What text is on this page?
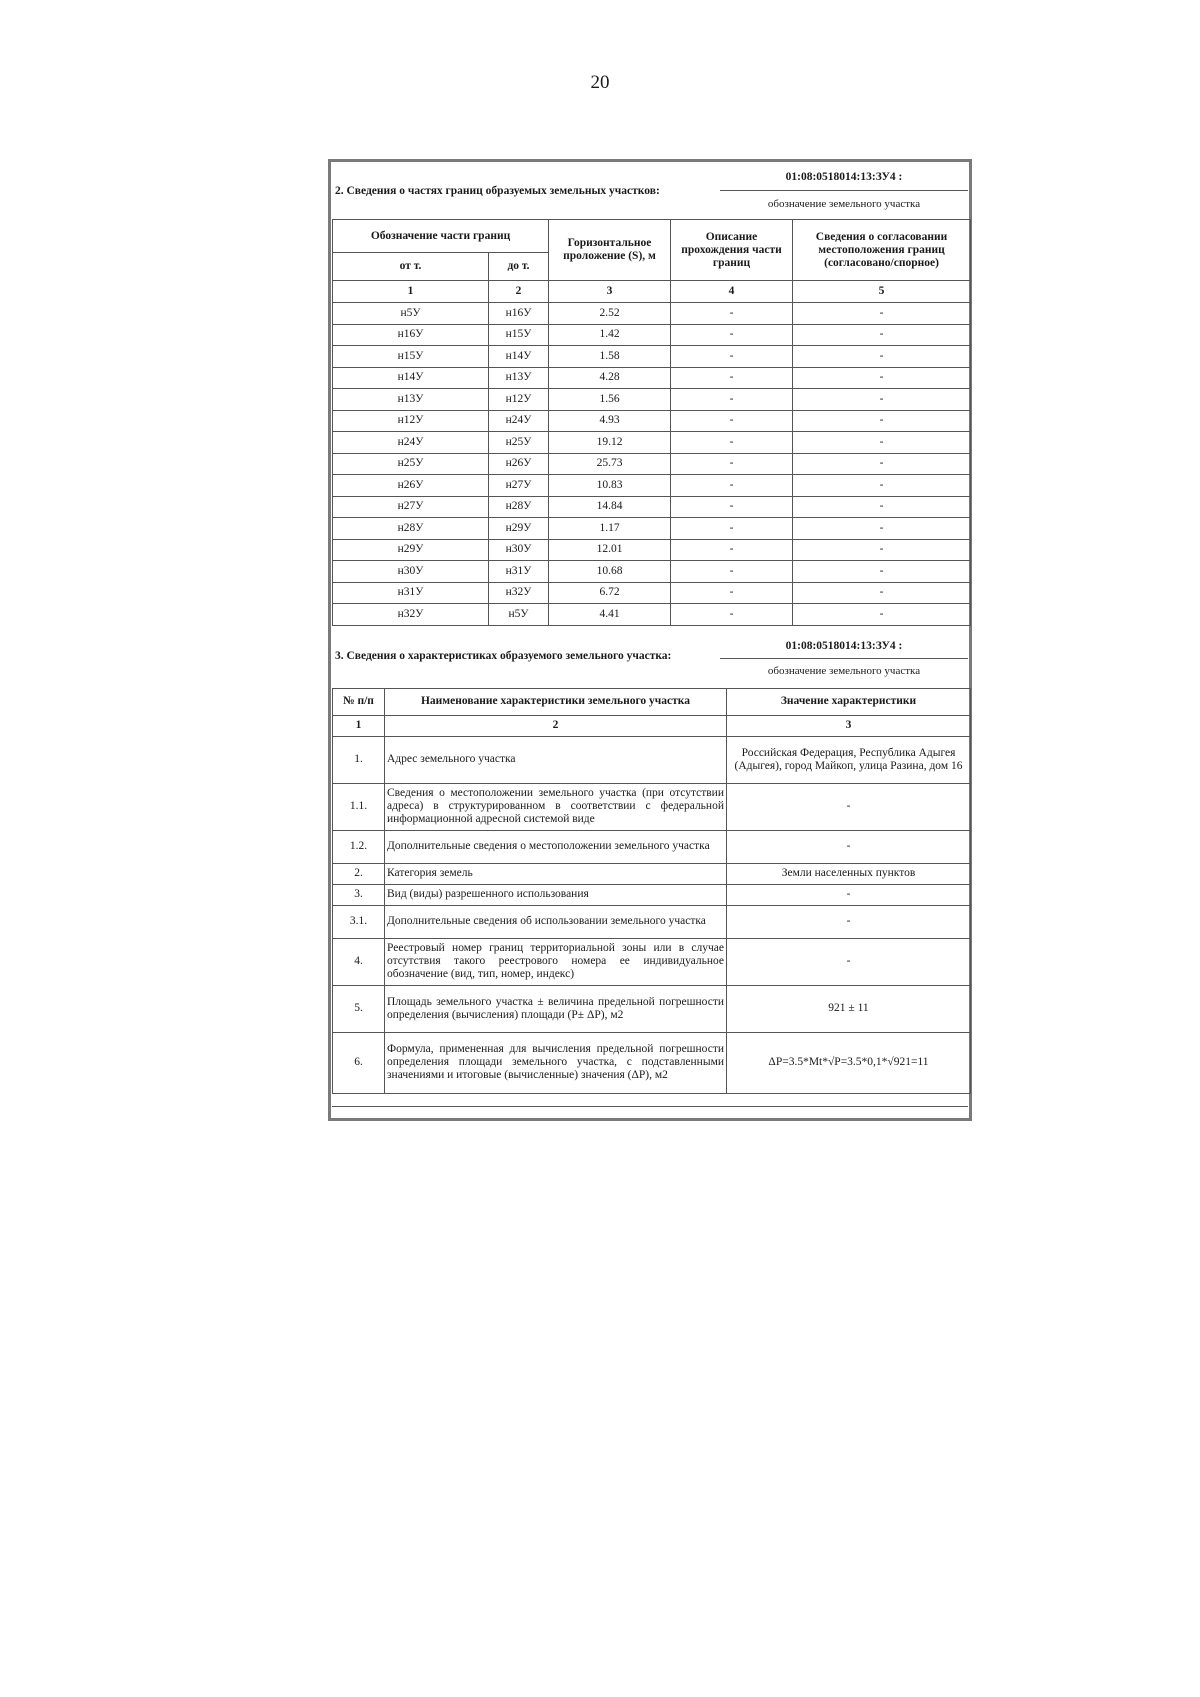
20
2. Сведения о частях границ образуемых земельных участков:
01:08:0518014:13:ЗУ4 :
обозначение земельного участка
Обозначение части границ		Горизонтальное проложение (S), м	Описание прохождения части границ	Сведения о согласовании местоположения границ (согласовано/спорное)
от т.	до т.			
1	2	3	4	5
н5У	н16У	2.52	-	-
н16У	н15У	1.42	-	-
н15У	н14У	1.58	-	-
н14У	н13У	4.28	-	-
н13У	н12У	1.56	-	-
н12У	н24У	4.93	-	-
н24У	н25У	19.12	-	-
н25У	н26У	25.73	-	-
н26У	н27У	10.83	-	-
н27У	н28У	14.84	-	-
н28У	н29У	1.17	-	-
н29У	н30У	12.01	-	-
н30У	н31У	10.68	-	-
н31У	н32У	6.72	-	-
н32У	н5У	4.41	-	-
3. Сведения о характеристиках образуемого земельного участка:
01:08:0518014:13:ЗУ4 :
обозначение земельного участка
№ п/п	Наименование характеристики земельного участка	Значение характеристики
1	2	3
1.	Адрес земельного участка	Российская Федерация, Республика Адыгея (Адыгея), город Майкоп, улица Разина, дом 16
1.1.	Сведения о местоположении земельного участка (при отсутствии адреса) в структурированном в соответствии с федеральной информационной адресной системой виде	-
1.2.	Дополнительные сведения о местоположении земельного участка	-
2.	Категория земель	Земли населенных пунктов
3.	Вид (виды) разрешенного использования	-
3.1.	Дополнительные сведения об использовании земельного участка	-
4.	Реестровый номер границ территориальной зоны или в случае отсутствия такого реестрового номера ее индивидуальное обозначение (вид, тип, номер, индекс)	-
5.	Площадь земельного участка ± величина предельной погрешности определения (вычисления) площади (P± ΔP), м2	921 ± 11
6.	Формула, примененная для вычисления предельной погрешности определения площади земельного участка, с подставленными значениями и итоговые (вычисленные) значения (ΔP), м2	ΔP=3.5*Mt*√P=3.5*0,1*√921=11
